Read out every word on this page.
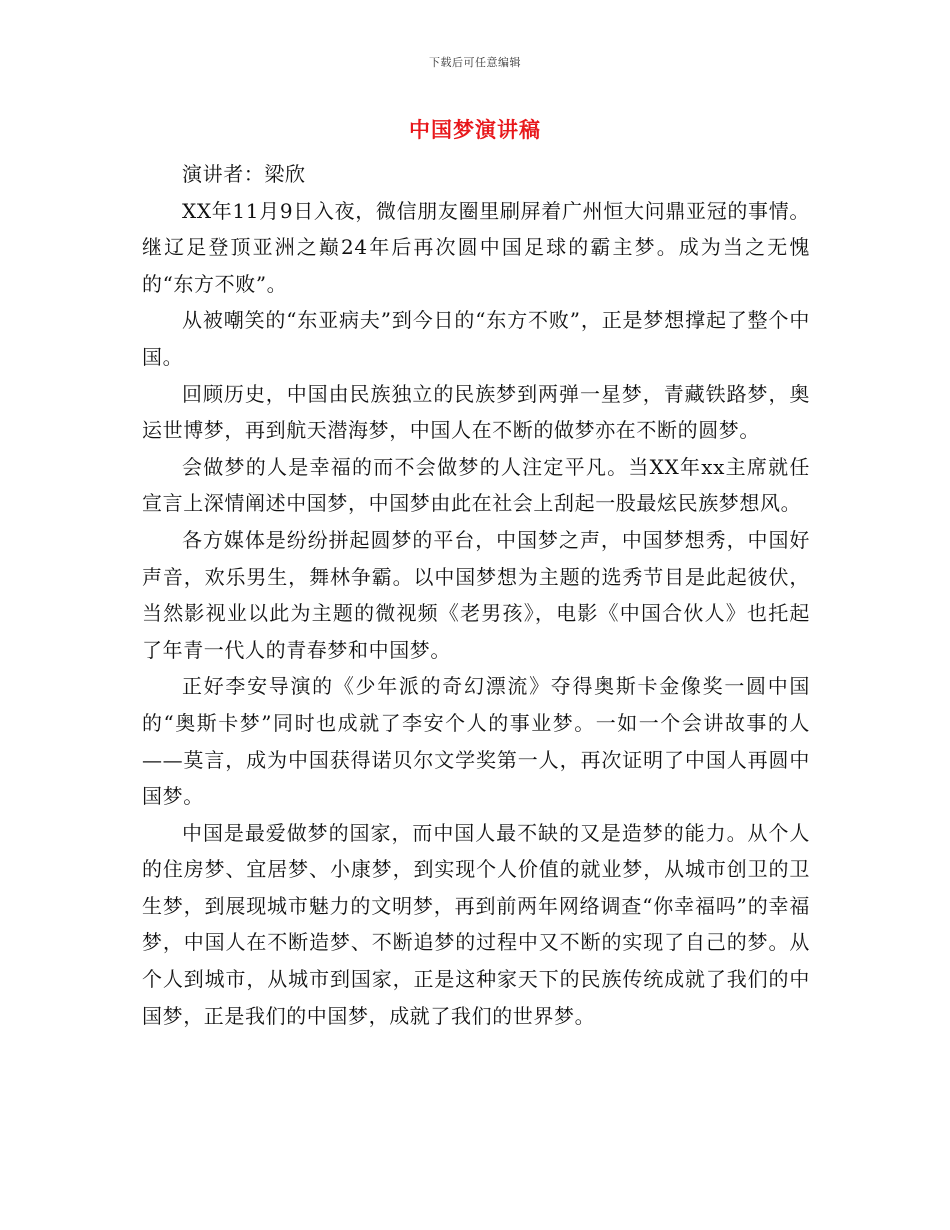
下载后可任意编辑
中国梦演讲稿

演讲者：梁欣

XX年11月9日入夜，微信朋友圈里刷屏着广州恒大问鼎亚冠的事情。继辽足登顶亚洲之巅24年后再次圆中国足球的霸主梦。成为当之无愧的“东方不败”。

从被嘲笑的“东亚病夫”到今日的“东方不败”，正是梦想撑起了整个中国。

回顾历史，中国由民族独立的民族梦到两弹一星梦，青藏铁路梦，奥运世博梦，再到航天潜海梦，中国人在不断的做梦亦在不断的圆梦。

会做梦的人是幸福的而不会做梦的人注定平凡。当XX年xx主席就任宣言上深情阐述中国梦，中国梦由此在社会上刮起一股最炫民族梦想风。

各方媒体是纷纷拼起圆梦的平台，中国梦之声，中国梦想秀，中国好声音，欢乐男生，舞林争霸。以中国梦想为主题的选秀节目是此起彼伏，当然影视业以此为主题的微视频《老男孩》，电影《中国合伙人》也托起了年青一代人的青春梦和中国梦。

正好李安导演的《少年派的奇幻漂流》夺得奥斯卡金像奖一圆中国的“奥斯卡梦”同时也成就了李安个人的事业梦。一如一个会讲故事的人——莫言，成为中国获得诺贝尔文学奖第一人，再次证明了中国人再圆中国梦。

中国是最爱做梦的国家，而中国人最不缺的又是造梦的能力。从个人的住房梦、宜居梦、小康梦，到实现个人价值的就业梦，从城市创卫的卫生梦，到展现城市魅力的文明梦，再到前两年网络调查“你幸福吗”的幸福梦，中国人在不断造梦、不断追梦的过程中又不断的实现了自己的梦。从个人到城市，从城市到国家，正是这种家天下的民族传统成就了我们的中国梦，正是我们的中国梦，成就了我们的世界梦。
